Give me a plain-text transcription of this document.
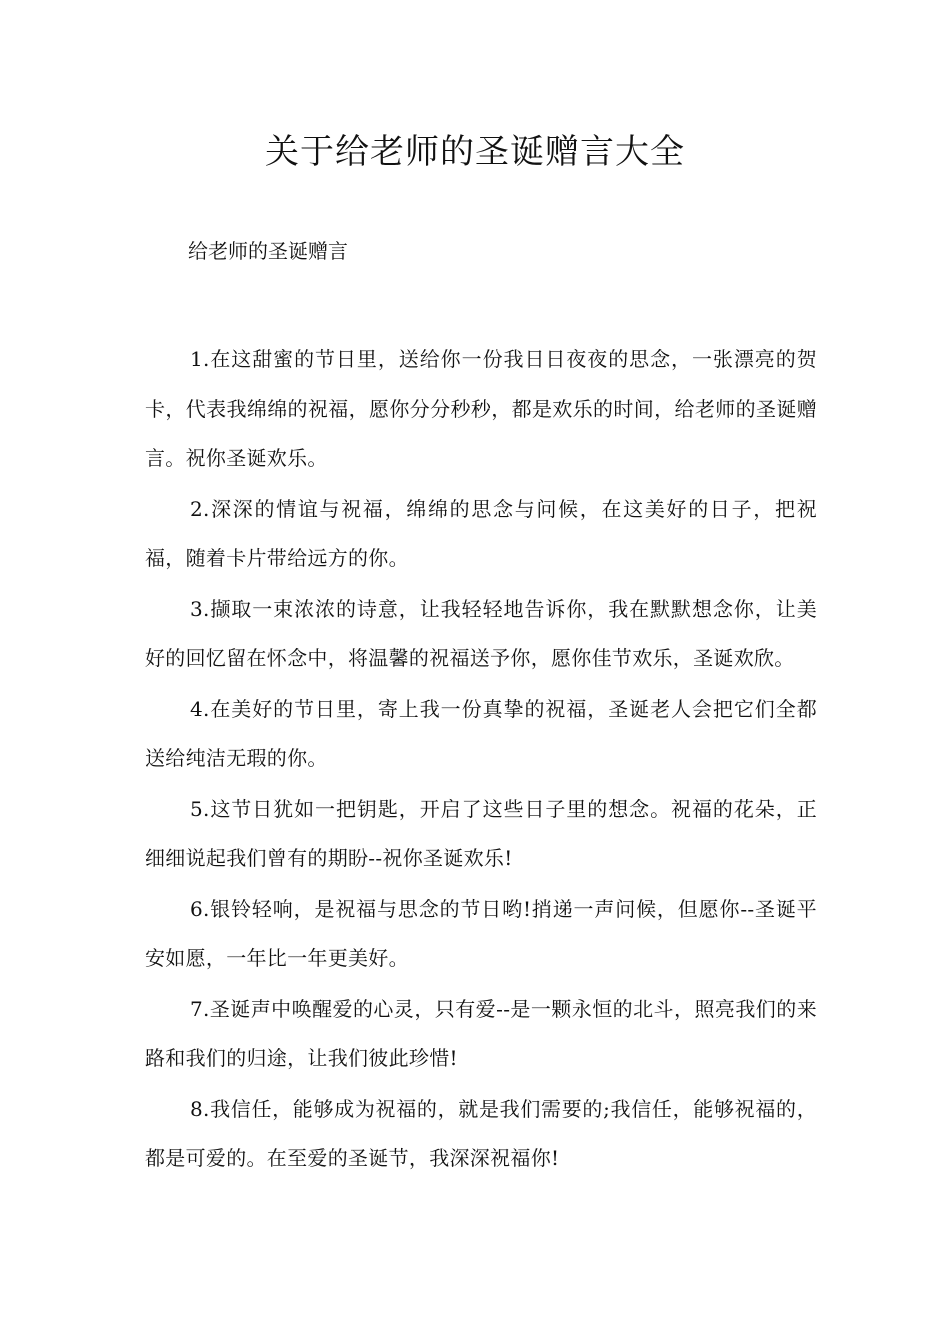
关于给老师的圣诞赠言大全

给老师的圣诞赠言

1.在这甜蜜的节日里，送给你一份我日日夜夜的思念，一张漂亮的贺卡，代表我绵绵的祝福，愿你分分秒秒，都是欢乐的时间，给老师的圣诞赠言。祝你圣诞欢乐。

2.深深的情谊与祝福，绵绵的思念与问候，在这美好的日子，把祝福，随着卡片带给远方的你。

3.撷取一束浓浓的诗意，让我轻轻地告诉你，我在默默想念你，让美好的回忆留在怀念中，将温馨的祝福送予你，愿你佳节欢乐，圣诞欢欣。

4.在美好的节日里，寄上我一份真挚的祝福，圣诞老人会把它们全都送给纯洁无瑕的你。

5.这节日犹如一把钥匙，开启了这些日子里的想念。祝福的花朵，正细细说起我们曾有的期盼--祝你圣诞欢乐!

6.银铃轻响，是祝福与思念的节日哟!捎递一声问候，但愿你--圣诞平安如愿，一年比一年更美好。

7.圣诞声中唤醒爱的心灵，只有爱--是一颗永恒的北斗，照亮我们的来路和我们的归途，让我们彼此珍惜!

8.我信任，能够成为祝福的，就是我们需要的;我信任，能够祝福的，都是可爱的。在至爱的圣诞节，我深深祝福你!
